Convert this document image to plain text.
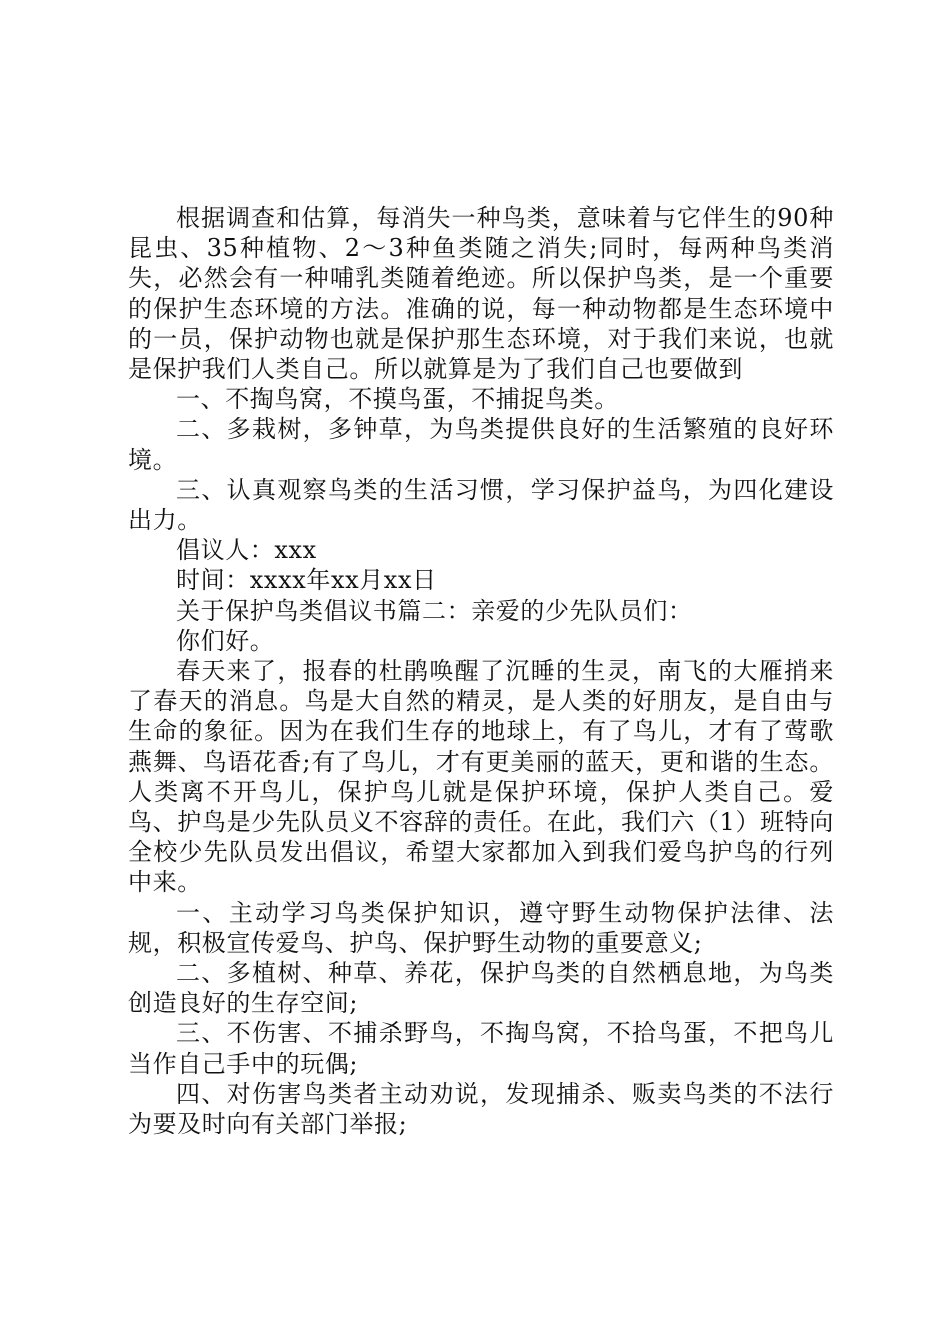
根据调查和估算，每消失一种鸟类，意味着与它伴生的90种昆虫、35种植物、2～3种鱼类随之消失;同时，每两种鸟类消失，必然会有一种哺乳类随着绝迹。所以保护鸟类，是一个重要的保护生态环境的方法。准确的说，每一种动物都是生态环境中的一员，保护动物也就是保护那生态环境，对于我们来说，也就是保护我们人类自己。所以就算是为了我们自己也要做到

一、不掏鸟窝，不摸鸟蛋，不捕捉鸟类。

二、多栽树，多钟草，为鸟类提供良好的生活繁殖的良好环境。

三、认真观察鸟类的生活习惯，学习保护益鸟，为四化建设出力。

倡议人：xxx

时间：xxxx年xx月xx日

关于保护鸟类倡议书篇二：亲爱的少先队员们：

你们好。

春天来了，报春的杜鹃唤醒了沉睡的生灵，南飞的大雁捎来了春天的消息。鸟是大自然的精灵，是人类的好朋友，是自由与生命的象征。因为在我们生存的地球上，有了鸟儿，才有了莺歌燕舞、鸟语花香;有了鸟儿，才有更美丽的蓝天，更和谐的生态。人类离不开鸟儿，保护鸟儿就是保护环境，保护人类自己。爱鸟、护鸟是少先队员义不容辞的责任。在此，我们六（1）班特向全校少先队员发出倡议，希望大家都加入到我们爱鸟护鸟的行列中来。

一、主动学习鸟类保护知识，遵守野生动物保护法律、法规，积极宣传爱鸟、护鸟、保护野生动物的重要意义;

二、多植树、种草、养花，保护鸟类的自然栖息地，为鸟类创造良好的生存空间;

三、不伤害、不捕杀野鸟，不掏鸟窝，不拾鸟蛋，不把鸟儿当作自己手中的玩偶;

四、对伤害鸟类者主动劝说，发现捕杀、贩卖鸟类的不法行为要及时向有关部门举报;
